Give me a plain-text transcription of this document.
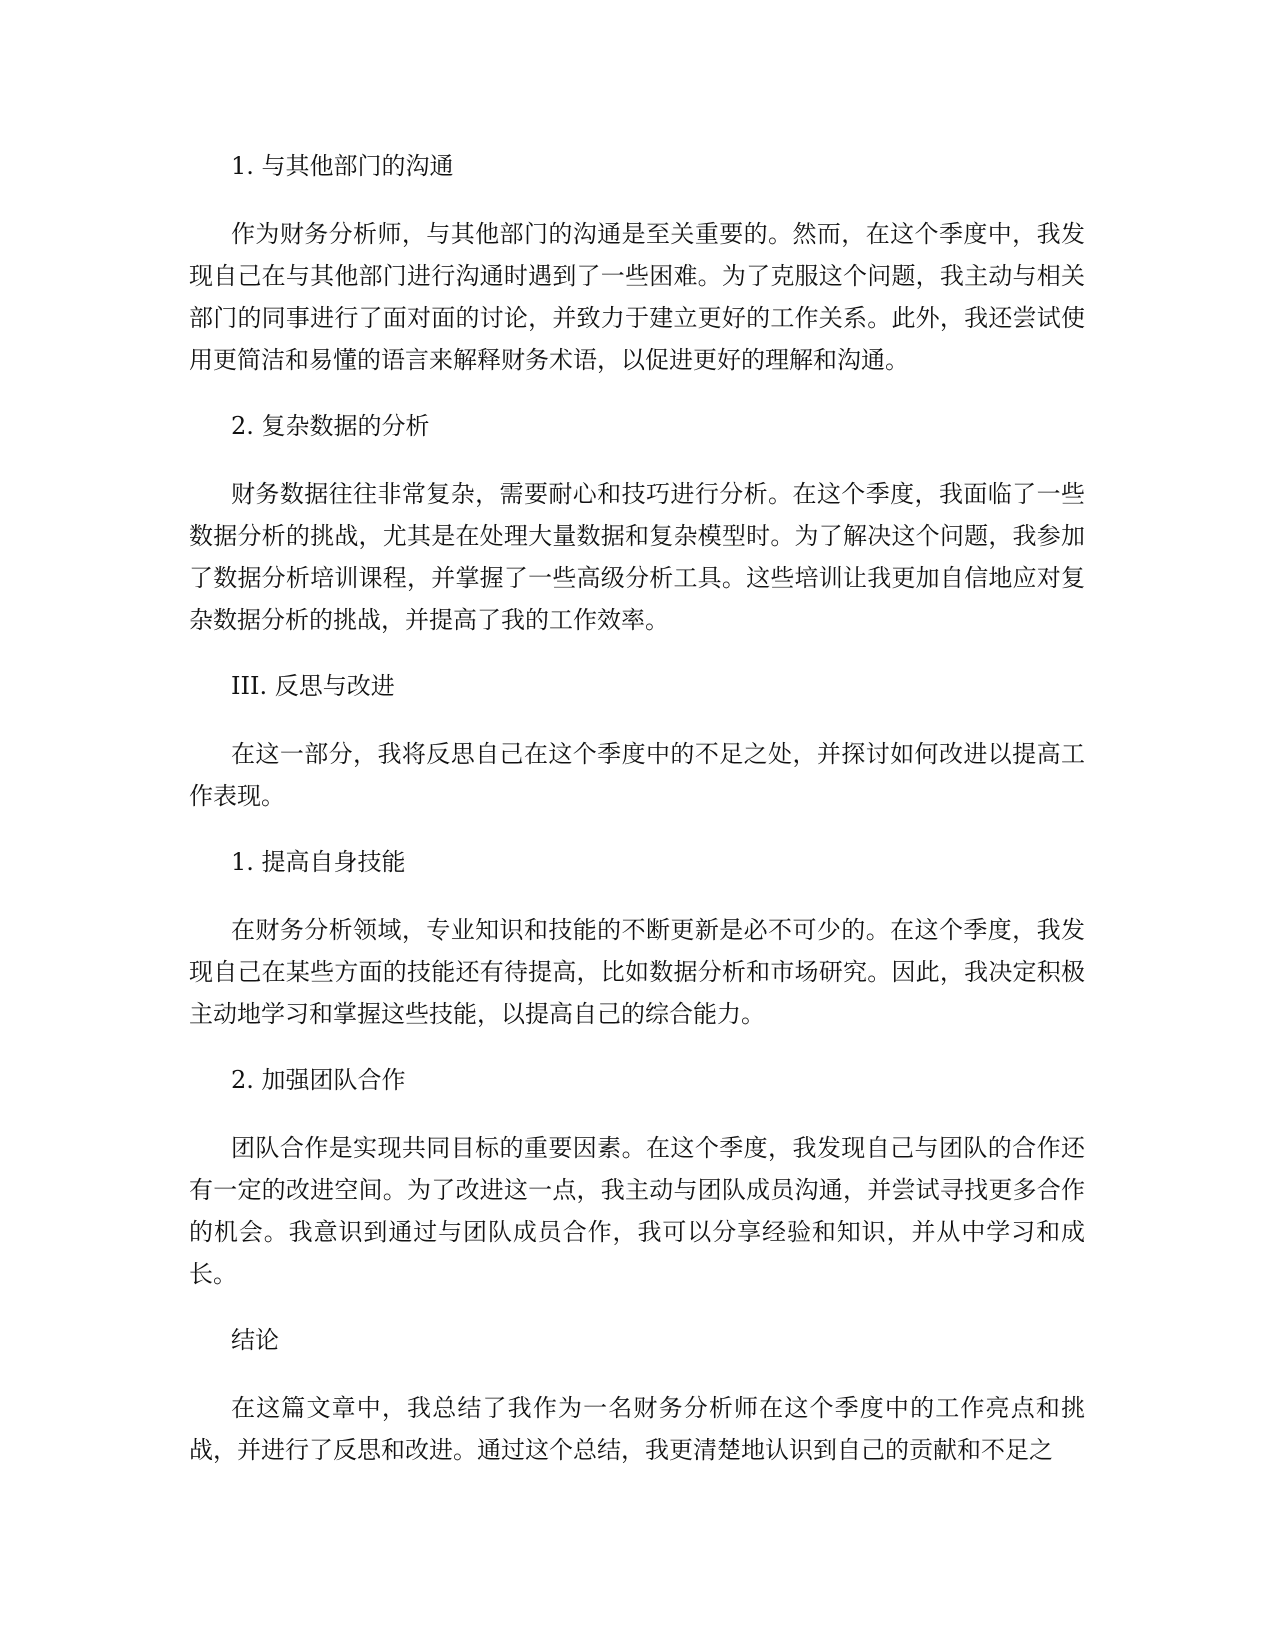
1. 与其他部门的沟通

作为财务分析师，与其他部门的沟通是至关重要的。然而，在这个季度中，我发现自己在与其他部门进行沟通时遇到了一些困难。为了克服这个问题，我主动与相关部门的同事进行了面对面的讨论，并致力于建立更好的工作关系。此外，我还尝试使用更简洁和易懂的语言来解释财务术语，以促进更好的理解和沟通。

2. 复杂数据的分析

财务数据往往非常复杂，需要耐心和技巧进行分析。在这个季度，我面临了一些数据分析的挑战，尤其是在处理大量数据和复杂模型时。为了解决这个问题，我参加了数据分析培训课程，并掌握了一些高级分析工具。这些培训让我更加自信地应对复杂数据分析的挑战，并提高了我的工作效率。

III. 反思与改进

在这一部分，我将反思自己在这个季度中的不足之处，并探讨如何改进以提高工作表现。

1. 提高自身技能

在财务分析领域，专业知识和技能的不断更新是必不可少的。在这个季度，我发现自己在某些方面的技能还有待提高，比如数据分析和市场研究。因此，我决定积极主动地学习和掌握这些技能，以提高自己的综合能力。

2. 加强团队合作

团队合作是实现共同目标的重要因素。在这个季度，我发现自己与团队的合作还有一定的改进空间。为了改进这一点，我主动与团队成员沟通，并尝试寻找更多合作的机会。我意识到通过与团队成员合作，我可以分享经验和知识，并从中学习和成长。

结论

在这篇文章中，我总结了我作为一名财务分析师在这个季度中的工作亮点和挑战，并进行了反思和改进。通过这个总结，我更清楚地认识到自己的贡献和不足之
